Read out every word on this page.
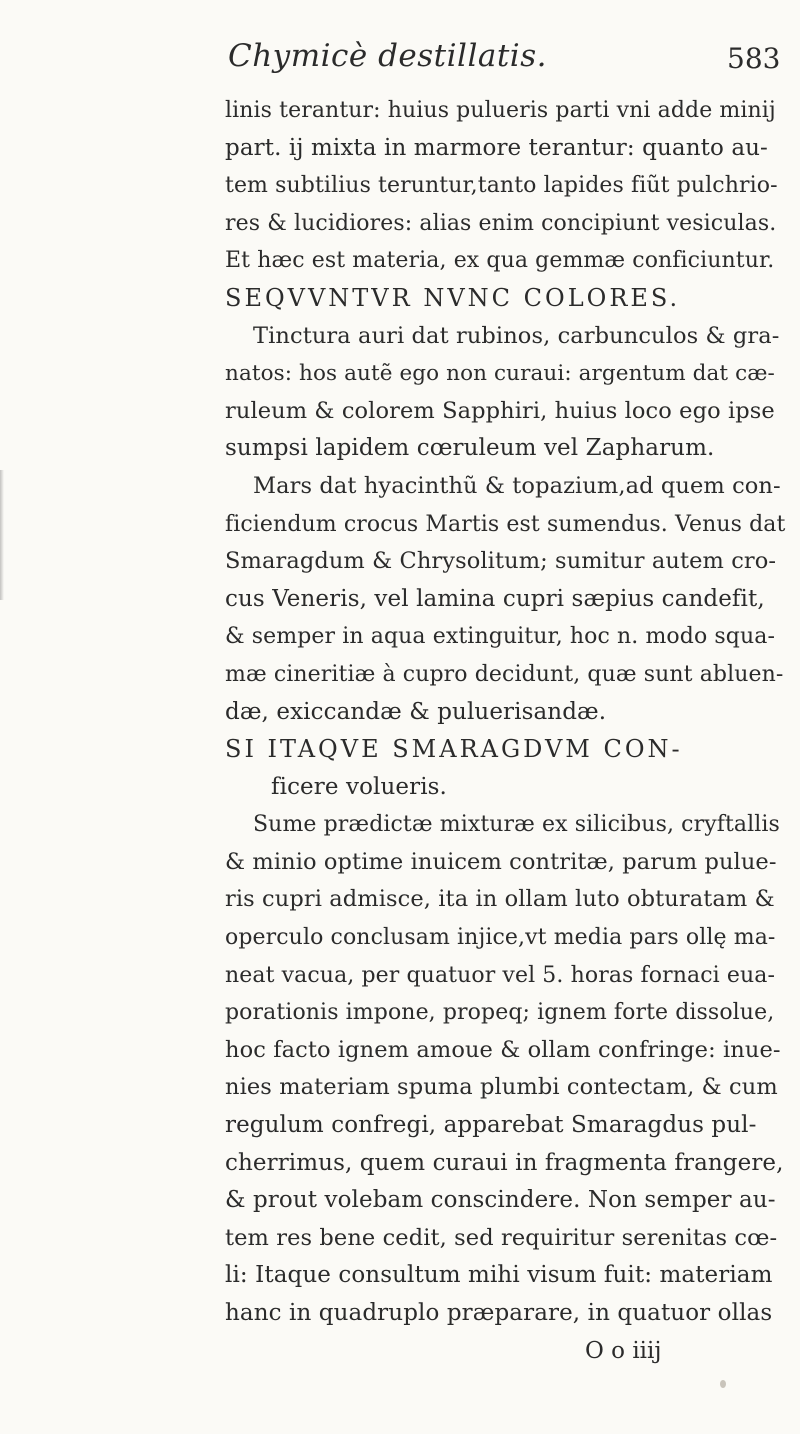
Chymicè destillatis.	583
linis terantur: huius pulueris parti vni adde minij
part. ij mixta in marmore terantur: quanto au-
tem subtilius teruntur,tanto lapides fiũt pulchrio-
res & lucidiores: alias enim concipiunt vesiculas.
Et hæc est materia, ex qua gemmæ conficiuntur.
SEQVVNTVR NVNC COLORES.
Tinctura auri dat rubinos, carbunculos & gra-
natos: hos autẽ ego non curaui: argentum dat cæ-
ruleum & colorem Sapphiri, huius loco ego ipse
sumpsi lapidem cœruleum vel Zapharum.
Mars dat hyacinthũ & topazium,ad quem con-
ficiendum crocus Martis est sumendus. Venus dat
Smaragdum & Chrysolitum; sumitur autem cro-
cus Veneris, vel lamina cupri sæpius candefit,
& semper in aqua extinguitur, hoc n. modo squa-
mæ cineritiæ à cupro decidunt, quæ sunt abluen-
dæ, exiccandæ & puluerisandæ.
SI ITAQVE SMARAGDVM CON-
ficere volueris.
Sume prædictæ mixturæ ex silicibus, cryftallis
& minio optime inuicem contritæ, parum pulue-
ris cupri admisce, ita in ollam luto obturatam &
operculo conclusam injice,vt media pars ollę ma-
neat vacua, per quatuor vel 5. horas fornaci eua-
porationis impone, propeq; ignem forte dissolue,
hoc facto ignem amoue & ollam confringe: inue-
nies materiam spuma plumbi contectam, & cum
regulum confregi, apparebat Smaragdus pul-
cherrimus, quem curaui in fragmenta frangere,
& prout volebam conscindere. Non semper au-
tem res bene cedit, sed requiritur serenitas cœ-
li: Itaque consultum mihi visum fuit: materiam
hanc in quadruplo præparare, in quatuor ollas
O o iiij
